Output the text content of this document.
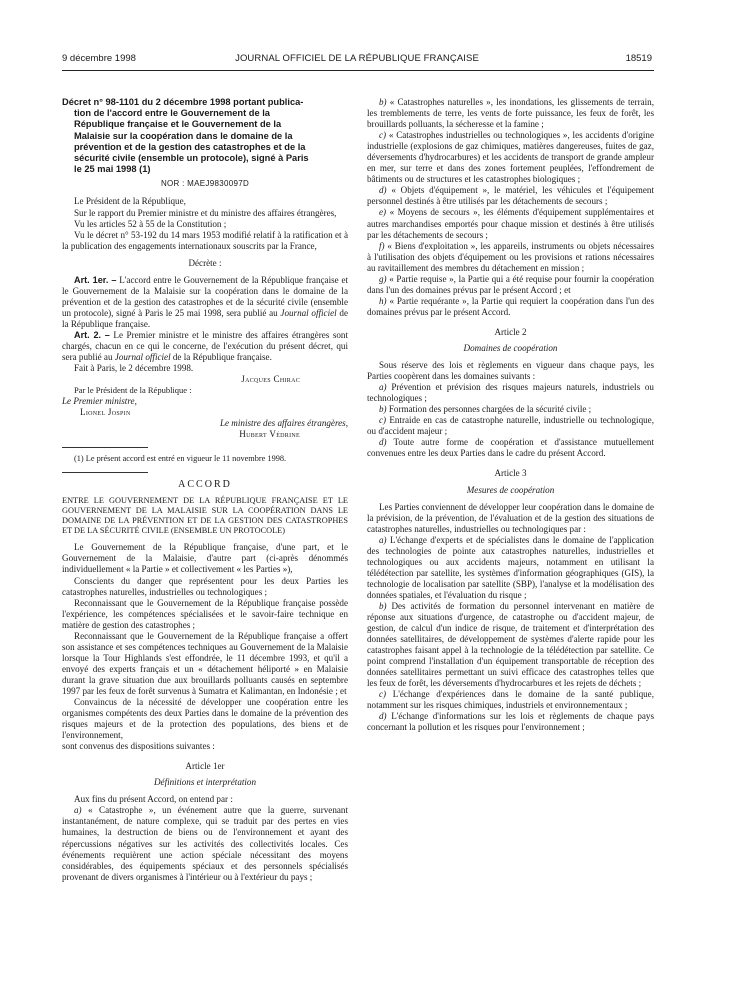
9 décembre 1998	JOURNAL OFFICIEL DE LA RÉPUBLIQUE FRANÇAISE	18519
Décret n° 98-1101 du 2 décembre 1998 portant publica-
tion de l'accord entre le Gouvernement de la
République française et le Gouvernement de la
Malaisie sur la coopération dans le domaine de la
prévention et de la gestion des catastrophes et de la
sécurité civile (ensemble un protocole), signé à Paris
le 25 mai 1998 (1)
NOR : MAEJ9830097D

Le Président de la République,

Sur le rapport du Premier ministre et du ministre des affaires étrangères,

Vu les articles 52 à 55 de la Constitution ;

Vu le décret n° 53-192 du 14 mars 1953 modifié relatif à la ratification et à la publication des engagements internationaux souscrits par la France,

Décrète :

Art. 1er. – L'accord entre le Gouvernement de la République française et le Gouvernement de la Malaisie sur la coopération dans le domaine de la prévention et de la gestion des catastrophes et de la sécurité civile (ensemble un protocole), signé à Paris le 25 mai 1998, sera publié au Journal officiel de la République française.

Art. 2. – Le Premier ministre et le ministre des affaires étrangères sont chargés, chacun en ce qui le concerne, de l'exécution du présent décret, qui sera publié au Journal officiel de la République française.

Fait à Paris, le 2 décembre 1998.

Jacques Chirac

Par le Président de la République :

Le Premier ministre,

Lionel Jospin

Le ministre des affaires étrangères,

Hubert Védrine

(1) Le présent accord est entré en vigueur le 11 novembre 1998.

ACCORD

ENTRE LE GOUVERNEMENT DE LA RÉPUBLIQUE FRANÇAISE ET LE GOUVERNEMENT DE LA MALAISIE SUR LA COOPÉRATION DANS LE DOMAINE DE LA PRÉVENTION ET DE LA GESTION DES CATASTROPHES ET DE LA SÉCURITÉ CIVILE (ENSEMBLE UN PROTOCOLE)

Le Gouvernement de la République française, d'une part, et le Gouvernement de la Malaisie, d'autre part (ci-après dénommés individuellement « la Partie » et collectivement « les Parties »),

Conscients du danger que représentent pour les deux Parties les catastrophes naturelles, industrielles ou technologiques ;

Reconnaissant que le Gouvernement de la République française possède l'expérience, les compétences spécialisées et le savoir-faire technique en matière de gestion des catastrophes ;

Reconnaissant que le Gouvernement de la République française a offert son assistance et ses compétences techniques au Gouvernement de la Malaisie lorsque la Tour Highlands s'est effondrée, le 11 décembre 1993, et qu'il a envoyé des experts français et un « détachement héliporté » en Malaisie durant la grave situation due aux brouillards polluants causés en septembre 1997 par les feux de forêt survenus à Sumatra et Kalimantan, en Indonésie ; et

Convaincus de la nécessité de développer une coopération entre les organismes compétents des deux Parties dans le domaine de la prévention des risques majeurs et de la protection des populations, des biens et de l'environnement,

sont convenus des dispositions suivantes :

Article 1er
Définitions et interprétation

Aux fins du présent Accord, on entend par :

a) « Catastrophe », un événement autre que la guerre, survenant instantanément, de nature complexe, qui se traduit par des pertes en vies humaines, la destruction de biens ou de l'environnement et ayant des répercussions négatives sur les activités des collectivités locales. Ces événements requièrent une action spéciale nécessitant des moyens considérables, des équipements spéciaux et des personnels spécialisés provenant de divers organismes à l'intérieur ou à l'extérieur du pays ;

b) « Catastrophes naturelles », les inondations, les glissements de terrain, les tremblements de terre, les vents de forte puissance, les feux de forêt, les brouillards polluants, la sécheresse et la famine ;

c) « Catastrophes industrielles ou technologiques », les accidents d'origine industrielle (explosions de gaz chimiques, matières dangereuses, fuites de gaz, déversements d'hydrocarbures) et les accidents de transport de grande ampleur en mer, sur terre et dans des zones fortement peuplées, l'effondrement de bâtiments ou de structures et les catastrophes biologiques ;

d) « Objets d'équipement », le matériel, les véhicules et l'équipement personnel destinés à être utilisés par les détachements de secours ;

e) « Moyens de secours », les éléments d'équipement supplémentaires et autres marchandises emportés pour chaque mission et destinés à être utilisés par les détachements de secours ;

f) « Biens d'exploitation », les appareils, instruments ou objets nécessaires à l'utilisation des objets d'équipement ou les provisions et rations nécessaires au ravitaillement des membres du détachement en mission ;

g) « Partie requise », la Partie qui a été requise pour fournir la coopération dans l'un des domaines prévus par le présent Accord ; et

h) « Partie requérante », la Partie qui requiert la coopération dans l'un des domaines prévus par le présent Accord.

Article 2
Domaines de coopération

Sous réserve des lois et règlements en vigueur dans chaque pays, les Parties coopèrent dans les domaines suivants :

a) Prévention et prévision des risques majeurs naturels, industriels ou technologiques ;

b) Formation des personnes chargées de la sécurité civile ;

c) Entraide en cas de catastrophe naturelle, industrielle ou technologique, ou d'accident majeur ;

d) Toute autre forme de coopération et d'assistance mutuellement convenues entre les deux Parties dans le cadre du présent Accord.

Article 3
Mesures de coopération

Les Parties conviennent de développer leur coopération dans le domaine de la prévision, de la prévention, de l'évaluation et de la gestion des situations de catastrophes naturelles, industrielles ou technologiques par :

a) L'échange d'experts et de spécialistes dans le domaine de l'application des technologies de pointe aux catastrophes naturelles, industrielles et technologiques ou aux accidents majeurs, notamment en utilisant la télédétection par satellite, les systèmes d'information géographiques (GIS), la technologie de localisation par satellite (SBP), l'analyse et la modélisation des données spatiales, et l'évaluation du risque ;

b) Des activités de formation du personnel intervenant en matière de réponse aux situations d'urgence, de catastrophe ou d'accident majeur, de gestion, de calcul d'un indice de risque, de traitement et d'interprétation des données satellitaires, de développement de systèmes d'alerte rapide pour les catastrophes faisant appel à la technologie de la télédétection par satellite. Ce point comprend l'installation d'un équipement transportable de réception des données satellitaires permettant un suivi efficace des catastrophes telles que les feux de forêt, les déversements d'hydrocarbures et les rejets de déchets ;

c) L'échange d'expériences dans le domaine de la santé publique, notamment sur les risques chimiques, industriels et environnementaux ;

d) L'échange d'informations sur les lois et règlements de chaque pays concernant la pollution et les risques pour l'environnement ;
